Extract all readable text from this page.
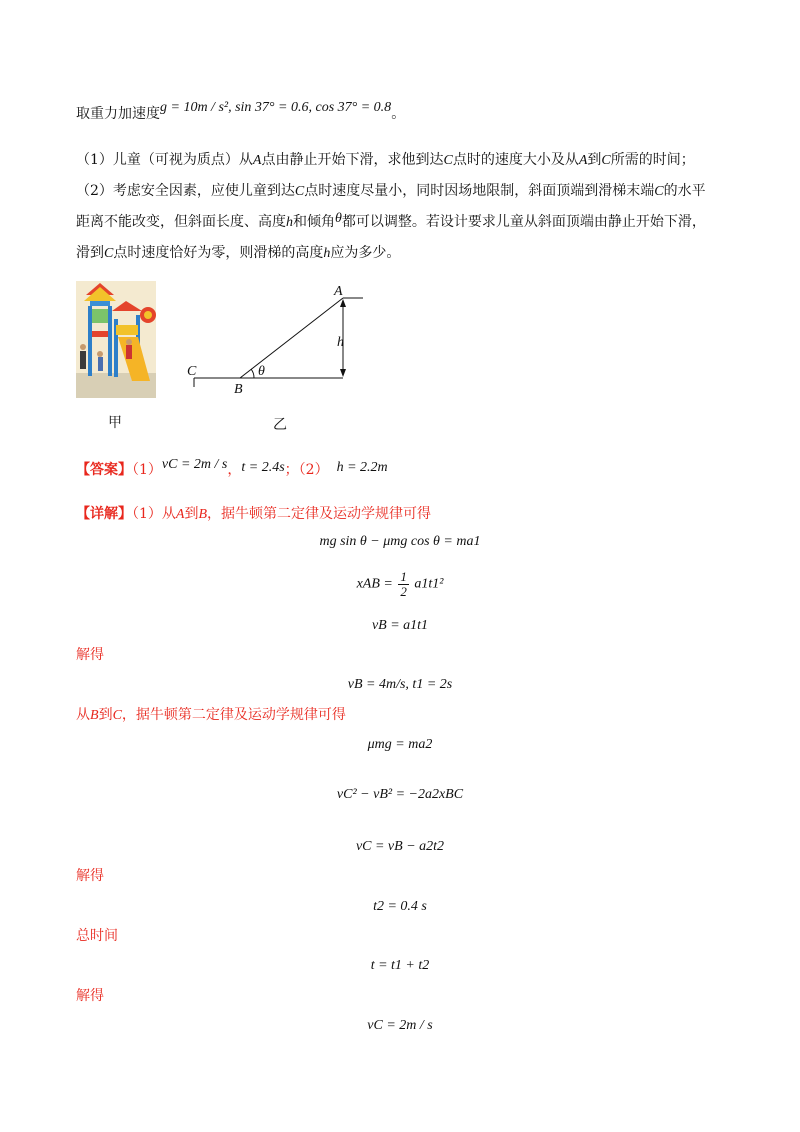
取重力加速度g = 10m / s², sin 37° = 0.6, cos 37° = 0.8。
（1）儿童（可视为质点）从A点由静止开始下滑，求他到达C点时的速度大小及从A到C所需的时间；
（2）考虑安全因素，应使儿童到达C点时速度尽量小，同时因场地限制，斜面顶端到滑梯末端C的水平
距离不能改变，但斜面长度、高度h和倾角θ都可以调整。若设计要求儿童从斜面顶端由静止开始下滑，
滑到C点时速度恰好为零，则滑梯的高度h应为多少。
A
h
θ
C
B
甲	乙
【答案】（1）vC = 2m / s，t = 2.4s；（2） h = 2.2m
【详解】（1）从A到B，据牛顿第二定律及运动学规律可得
mg sin θ − μmg cos θ = ma1
xAB = $\frac{1}{2} a1t1^2$
vB = a1t1
解得
vB = 4m/s, t1 = 2s
从B到C，据牛顿第二定律及运动学规律可得
μmg = ma2
vC² − vB² = −2a2xBC
vC = vB − a2t2
解得
t2 = 0.4 s
总时间
t = t1 + t2
解得
vC = 2m / s
